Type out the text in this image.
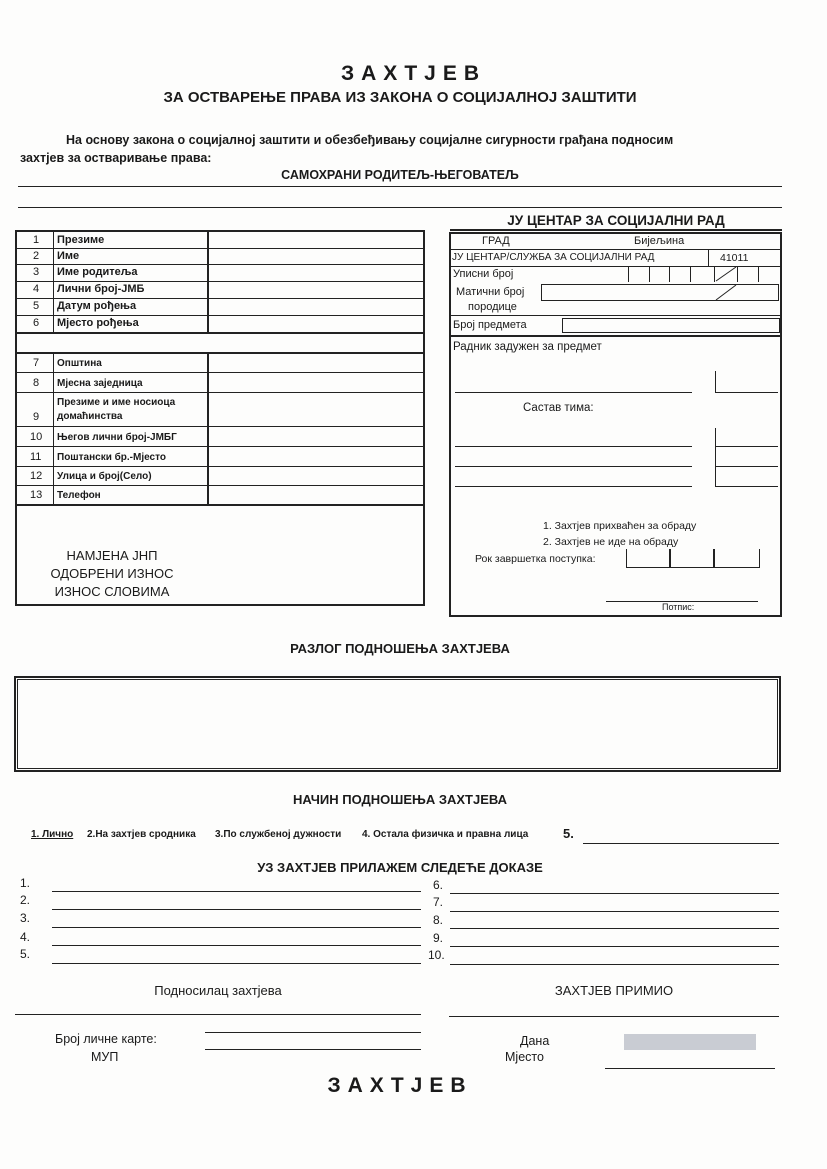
ЗАХТЈЕВ
ЗА ОСТВАРЕЊЕ ПРАВА ИЗ ЗАКОНА О СОЦИЈАЛНОЈ ЗАШТИТИ
На основу закона о социјалној заштити и обезбеђивању социјалне сигурности грађана подносим
захтјев за остваривање права:
САМОХРАНИ РОДИТЕЉ-ЊЕГОВАТЕЉ
1 Презиме
2 Име
3 Име родитеља
4 Лични број-ЈМБ
5 Датум рођења
6 Мјесто рођења
7 Општина
8 Мјесна заједница
9
Презиме и име носиоца
домаћинства
10 Његов лични број-ЈМБГ
11 Поштански бр.-Мјесто
12 Улица и број(Село)
13 Телефон
НАМЈЕНА ЈНП
ОДОБРЕНИ ИЗНОС
ИЗНОС СЛОВИМА
ЈУ ЦЕНТАР ЗА СОЦИЈАЛНИ РАД
ГРАД	Бијељина
ЈУ ЦЕНТАР/СЛУЖБА ЗА СОЦИЈАЛНИ РАД	41011
Уписни број
Матични број
породице
Број предмета
Радник задужен за предмет
Састав тима:
1. Захтјев прихваћен за обраду
2. Захтјев не иде на обраду
Рок завршетка поступка:
Потпис:
РАЗЛОГ ПОДНОШЕЊА ЗАХТЈЕВА
НАЧИН ПОДНОШЕЊА ЗАХТЈЕВА
1. Лично 2.На захтјев сродника 3.По службеној дужности 4. Остала физичка и правна лица	5.
УЗ ЗАХТЈЕВ ПРИЛАЖЕМ СЛЕДЕЋЕ ДОКАЗЕ
1.
2.
3.
4.
5.
6.
7.
8.
9.
10.
Подносилац захтјева	ЗАХТЈЕВ ПРИМИО
Број личне карте:
МУП
Дана
Мјесто
ЗАХТЈЕВ
